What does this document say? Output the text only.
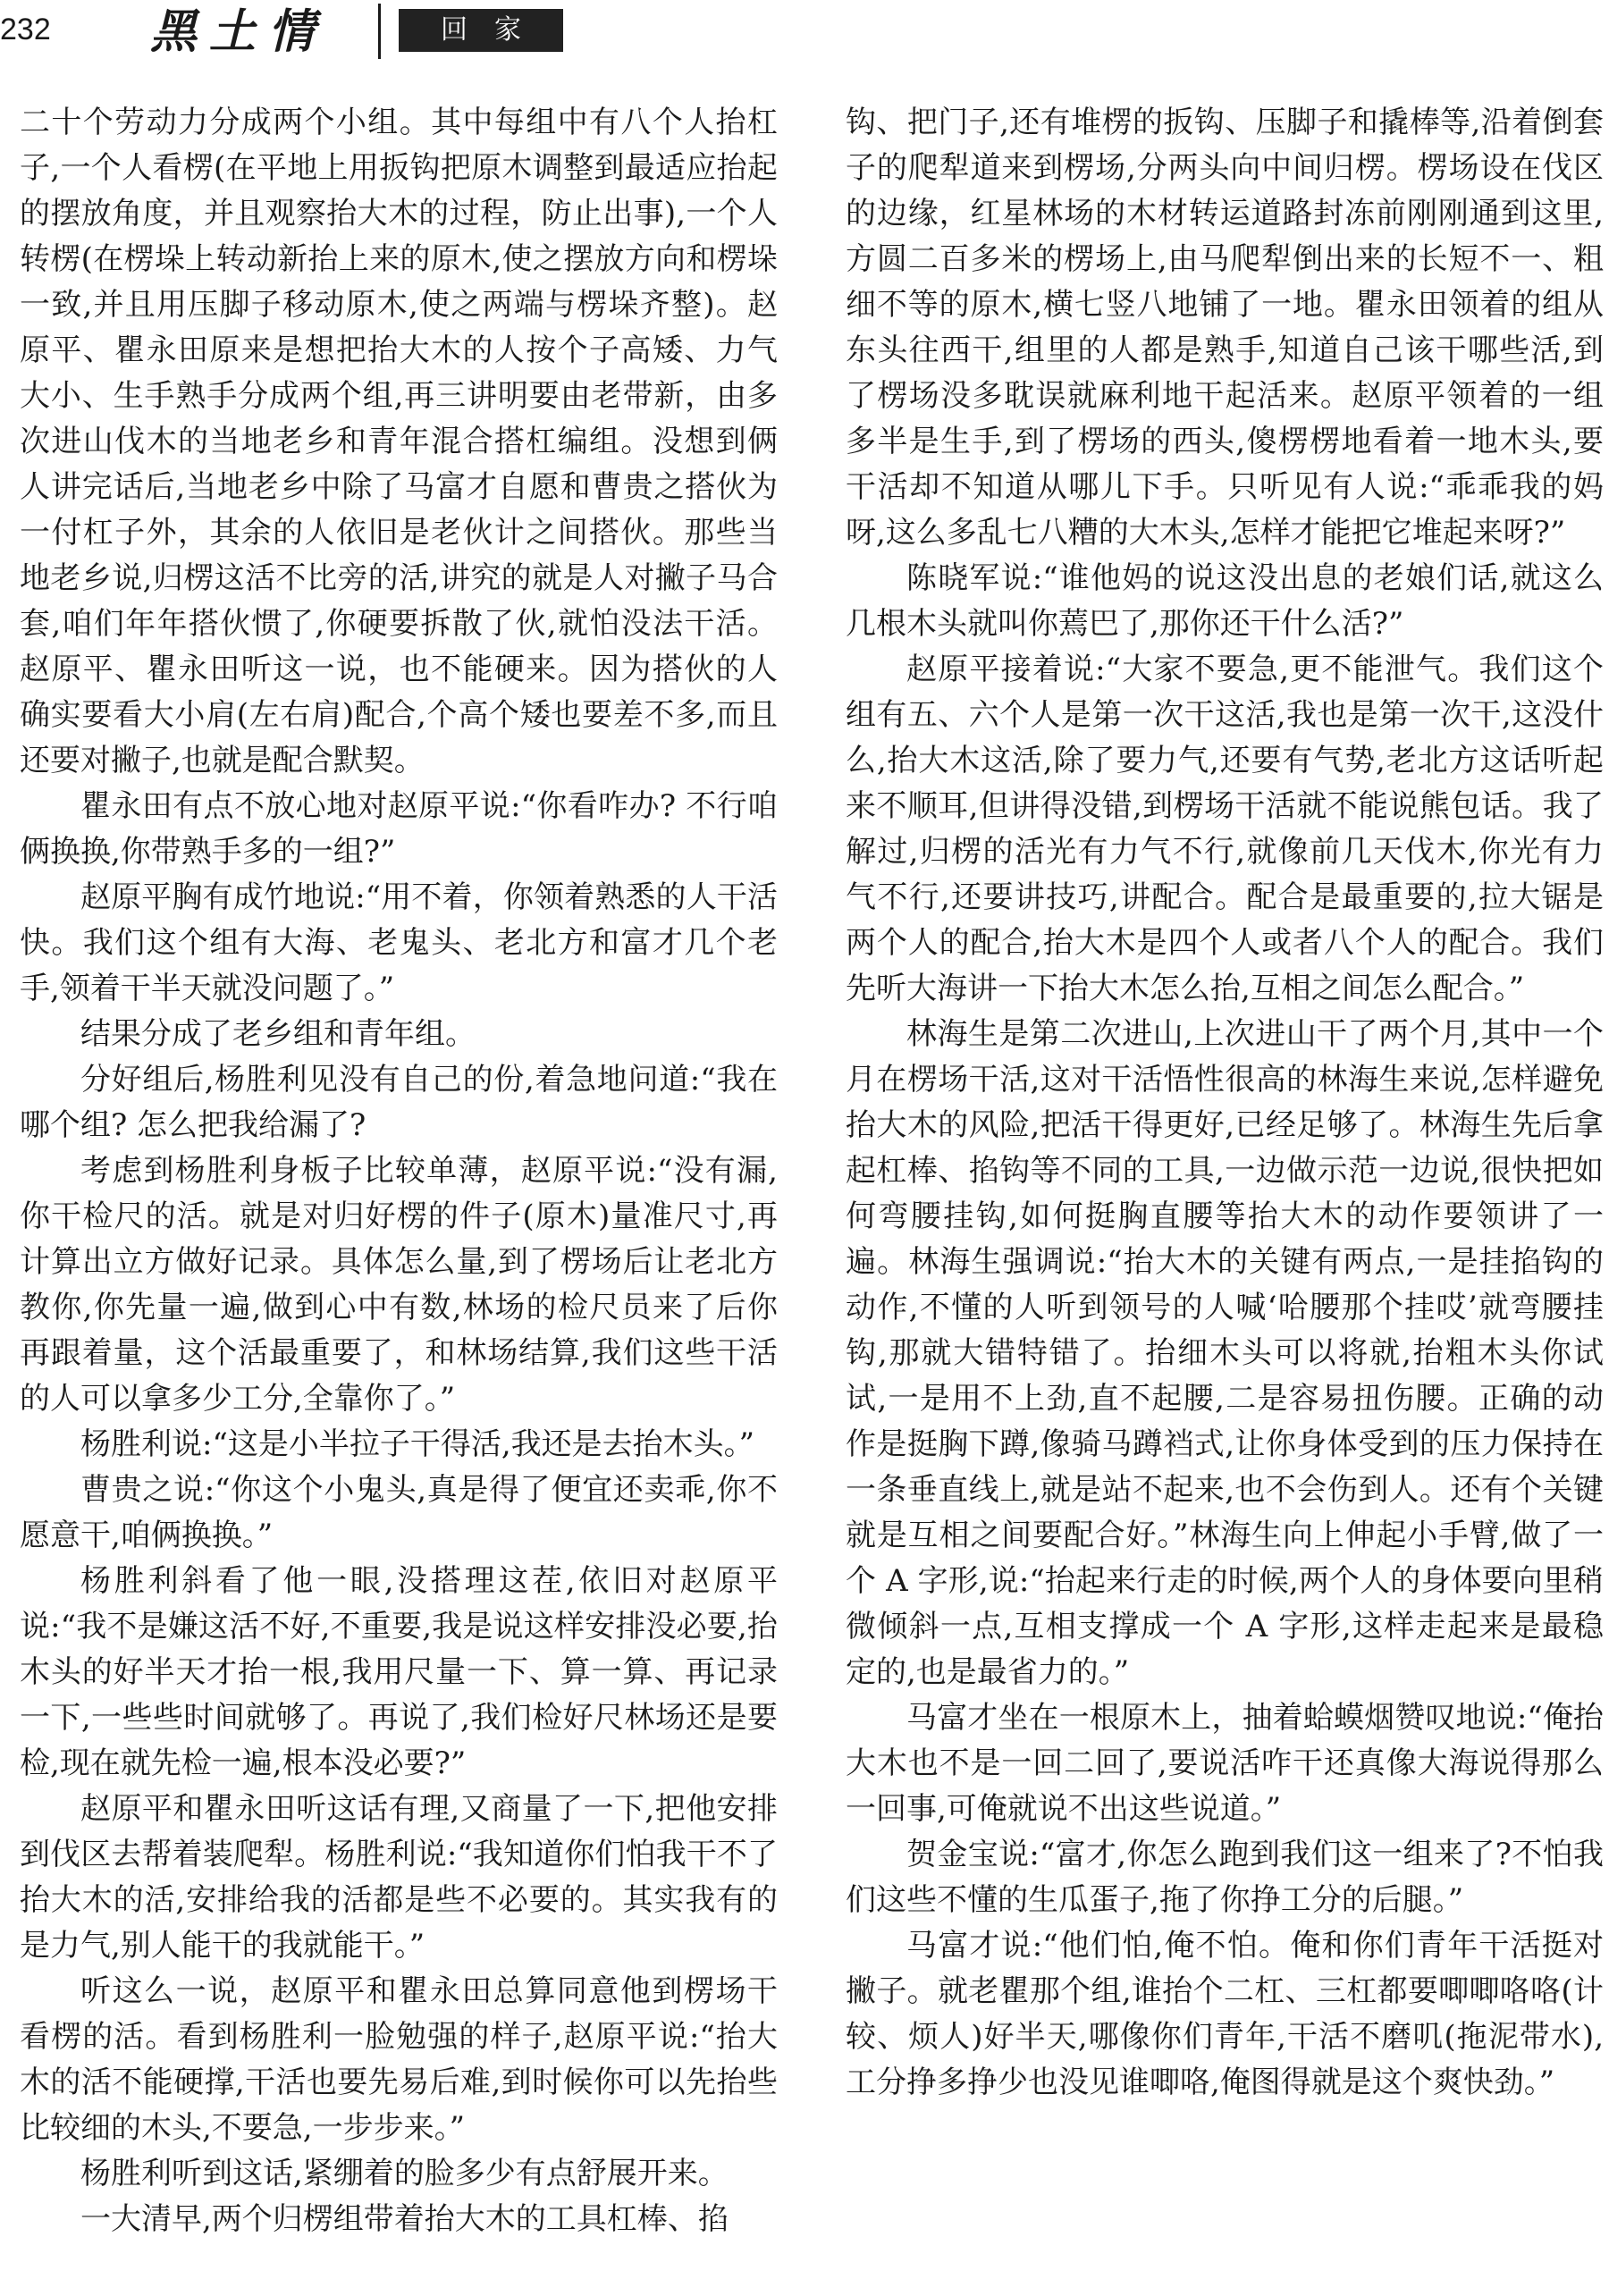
232 黑土情	回家

二十个劳动力分成两个小组。其中每组中有八个人抬杠子,一个人看楞(在平地上用扳钩把原木调整到最适应抬起的摆放角度，并且观察抬大木的过程，防止出事),一个人转楞(在楞垛上转动新抬上来的原木,使之摆放方向和楞垛一致,并且用压脚子移动原木,使之两端与楞垛齐整)。赵原平、瞿永田原来是想把抬大木的人按个子高矮、力气大小、生手熟手分成两个组,再三讲明要由老带新，由多次进山伐木的当地老乡和青年混合搭杠编组。没想到俩人讲完话后,当地老乡中除了马富才自愿和曹贵之搭伙为一付杠子外，其余的人依旧是老伙计之间搭伙。那些当地老乡说,归楞这活不比旁的活,讲究的就是人对撇子马合套,咱们年年搭伙惯了,你硬要拆散了伙,就怕没法干活。赵原平、瞿永田听这一说，也不能硬来。因为搭伙的人确实要看大小肩(左右肩)配合,个高个矮也要差不多,而且还要对撇子,也就是配合默契。

瞿永田有点不放心地对赵原平说:“你看咋办? 不行咱俩换换,你带熟手多的一组?”

赵原平胸有成竹地说:“用不着，你领着熟悉的人干活快。我们这个组有大海、老鬼头、老北方和富才几个老手,领着干半天就没问题了。”

结果分成了老乡组和青年组。

分好组后,杨胜利见没有自己的份,着急地问道:“我在哪个组? 怎么把我给漏了?

考虑到杨胜利身板子比较单薄，赵原平说:“没有漏,你干检尺的活。就是对归好楞的件子(原木)量准尺寸,再计算出立方做好记录。具体怎么量,到了楞场后让老北方教你,你先量一遍,做到心中有数,林场的检尺员来了后你再跟着量，这个活最重要了，和林场结算,我们这些干活的人可以拿多少工分,全靠你了。”

杨胜利说:“这是小半拉子干得活,我还是去抬木头。”

曹贵之说:“你这个小鬼头,真是得了便宜还卖乖,你不愿意干,咱俩换换。”

杨胜利斜看了他一眼,没搭理这茬,依旧对赵原平说:“我不是嫌这活不好,不重要,我是说这样安排没必要,抬木头的好半天才抬一根,我用尺量一下、算一算、再记录一下,一些些时间就够了。再说了,我们检好尺林场还是要检,现在就先检一遍,根本没必要?”

赵原平和瞿永田听这话有理,又商量了一下,把他安排到伐区去帮着装爬犁。杨胜利说:“我知道你们怕我干不了抬大木的活,安排给我的活都是些不必要的。其实我有的是力气,别人能干的我就能干。”

听这么一说，赵原平和瞿永田总算同意他到楞场干看楞的活。看到杨胜利一脸勉强的样子,赵原平说:“抬大木的活不能硬撑,干活也要先易后难,到时候你可以先抬些比较细的木头,不要急,一步步来。”

杨胜利听到这话,紧绷着的脸多少有点舒展开来。

一大清早,两个归楞组带着抬大木的工具杠棒、掐

钩、把门子,还有堆楞的扳钩、压脚子和撬棒等,沿着倒套子的爬犁道来到楞场,分两头向中间归楞。楞场设在伐区的边缘，红星林场的木材转运道路封冻前刚刚通到这里,方圆二百多米的楞场上,由马爬犁倒出来的长短不一、粗细不等的原木,横七竖八地铺了一地。瞿永田领着的组从东头往西干,组里的人都是熟手,知道自己该干哪些活,到了楞场没多耽误就麻利地干起活来。赵原平领着的一组多半是生手,到了楞场的西头,傻楞楞地看着一地木头,要干活却不知道从哪儿下手。只听见有人说:“乖乖我的妈呀,这么多乱七八糟的大木头,怎样才能把它堆起来呀?”

陈晓军说:“谁他妈的说这没出息的老娘们话,就这么几根木头就叫你蔫巴了,那你还干什么活?”

赵原平接着说:“大家不要急,更不能泄气。我们这个组有五、六个人是第一次干这活,我也是第一次干,这没什么,抬大木这活,除了要力气,还要有气势,老北方这话听起来不顺耳,但讲得没错,到楞场干活就不能说熊包话。我了解过,归楞的活光有力气不行,就像前几天伐木,你光有力气不行,还要讲技巧,讲配合。配合是最重要的,拉大锯是两个人的配合,抬大木是四个人或者八个人的配合。我们先听大海讲一下抬大木怎么抬,互相之间怎么配合。”

林海生是第二次进山,上次进山干了两个月,其中一个月在楞场干活,这对干活悟性很高的林海生来说,怎样避免抬大木的风险,把活干得更好,已经足够了。林海生先后拿起杠棒、掐钩等不同的工具,一边做示范一边说,很快把如何弯腰挂钩,如何挺胸直腰等抬大木的动作要领讲了一遍。林海生强调说:“抬大木的关键有两点,一是挂掐钩的动作,不懂的人听到领号的人喊‘哈腰那个挂哎’就弯腰挂钩,那就大错特错了。抬细木头可以将就,抬粗木头你试试,一是用不上劲,直不起腰,二是容易扭伤腰。正确的动作是挺胸下蹲,像骑马蹲裆式,让你身体受到的压力保持在一条垂直线上,就是站不起来,也不会伤到人。还有个关键就是互相之间要配合好。”林海生向上伸起小手臂,做了一个 A 字形,说:“抬起来行走的时候,两个人的身体要向里稍微倾斜一点,互相支撑成一个 A 字形,这样走起来是最稳定的,也是最省力的。”

马富才坐在一根原木上，抽着蛤蟆烟赞叹地说:“俺抬大木也不是一回二回了,要说活咋干还真像大海说得那么一回事,可俺就说不出这些说道。”

贺金宝说:“富才,你怎么跑到我们这一组来了?不怕我们这些不懂的生瓜蛋子,拖了你挣工分的后腿。”

马富才说:“他们怕,俺不怕。俺和你们青年干活挺对撇子。就老瞿那个组,谁抬个二杠、三杠都要唧唧咯咯(计较、烦人)好半天,哪像你们青年,干活不磨叽(拖泥带水),工分挣多挣少也没见谁唧咯,俺图得就是这个爽快劲。”
